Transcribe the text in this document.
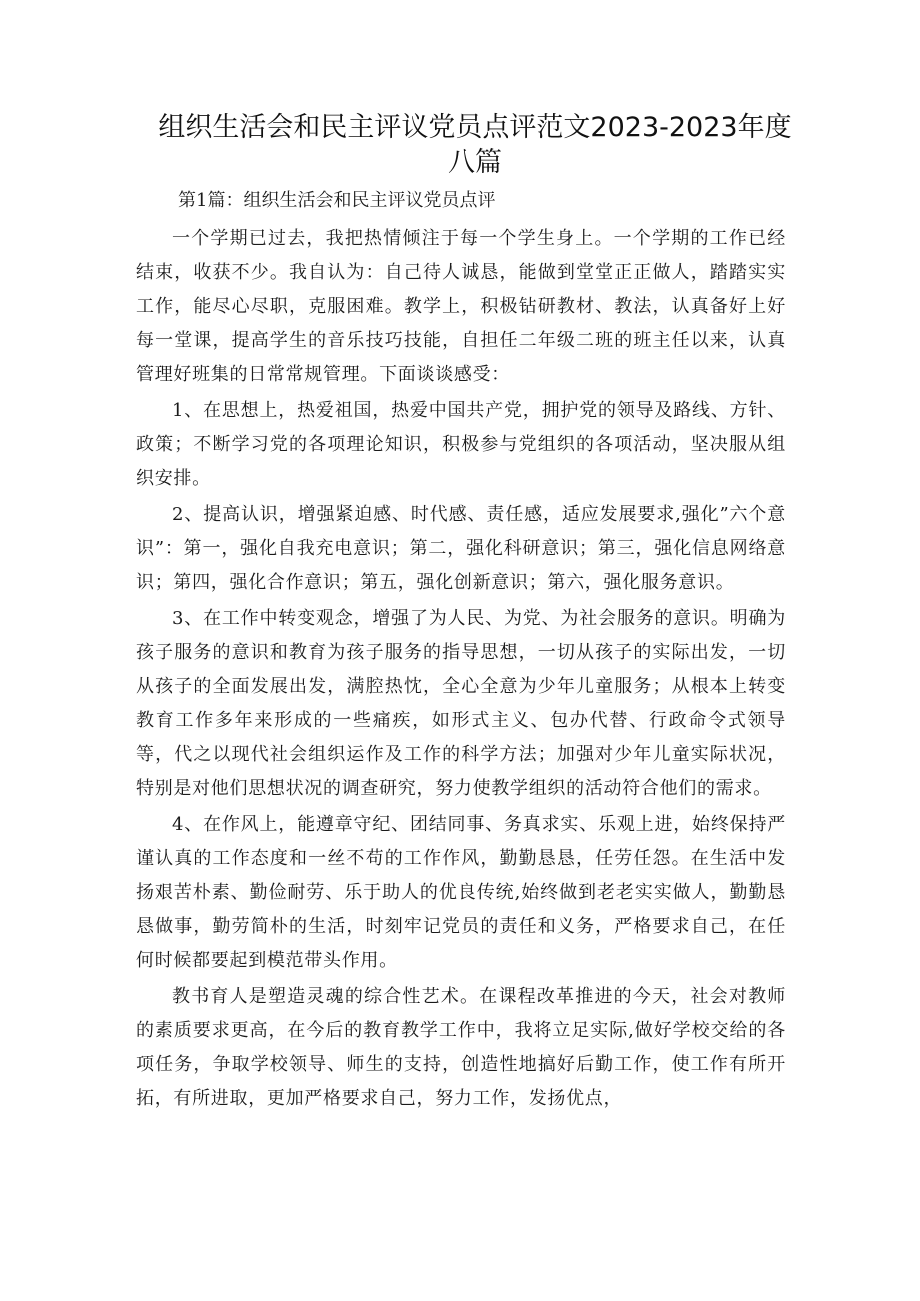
组织生活会和民主评议党员点评范文2023-2023年度八篇
第1篇：组织生活会和民主评议党员点评

一个学期已过去，我把热情倾注于每一个学生身上。一个学期的工作已经结束，收获不少。我自认为：自己待人诚恳，能做到堂堂正正做人，踏踏实实工作，能尽心尽职，克服困难。教学上，积极钻研教材、教法，认真备好上好每一堂课，提高学生的音乐技巧技能，自担任二年级二班的班主任以来，认真管理好班集的日常常规管理。下面谈谈感受：

1、在思想上，热爱祖国，热爱中国共产党，拥护党的领导及路线、方针、政策；不断学习党的各项理论知识，积极参与党组织的各项活动，坚决服从组织安排。

2、提高认识，增强紧迫感、时代感、责任感，适应发展要求,强化”六个意识”：第一，强化自我充电意识；第二，强化科研意识；第三，强化信息网络意识；第四，强化合作意识；第五，强化创新意识；第六，强化服务意识。

3、在工作中转变观念，增强了为人民、为党、为社会服务的意识。明确为孩子服务的意识和教育为孩子服务的指导思想，一切从孩子的实际出发，一切从孩子的全面发展出发，满腔热忱，全心全意为少年儿童服务；从根本上转变教育工作多年来形成的一些痛疾，如形式主义、包办代替、行政命令式领导等，代之以现代社会组织运作及工作的科学方法；加强对少年儿童实际状况，特别是对他们思想状况的调查研究，努力使教学组织的活动符合他们的需求。

4、在作风上，能遵章守纪、团结同事、务真求实、乐观上进，始终保持严谨认真的工作态度和一丝不苟的工作作风，勤勤恳恳，任劳任怨。在生活中发扬艰苦朴素、勤俭耐劳、乐于助人的优良传统,始终做到老老实实做人，勤勤恳恳做事，勤劳简朴的生活，时刻牢记党员的责任和义务，严格要求自己，在任何时候都要起到模范带头作用。

教书育人是塑造灵魂的综合性艺术。在课程改革推进的今天，社会对教师的素质要求更高，在今后的教育教学工作中，我将立足实际,做好学校交给的各项任务，争取学校领导、师生的支持，创造性地搞好后勤工作，使工作有所开拓，有所进取，更加严格要求自己，努力工作，发扬优点，
